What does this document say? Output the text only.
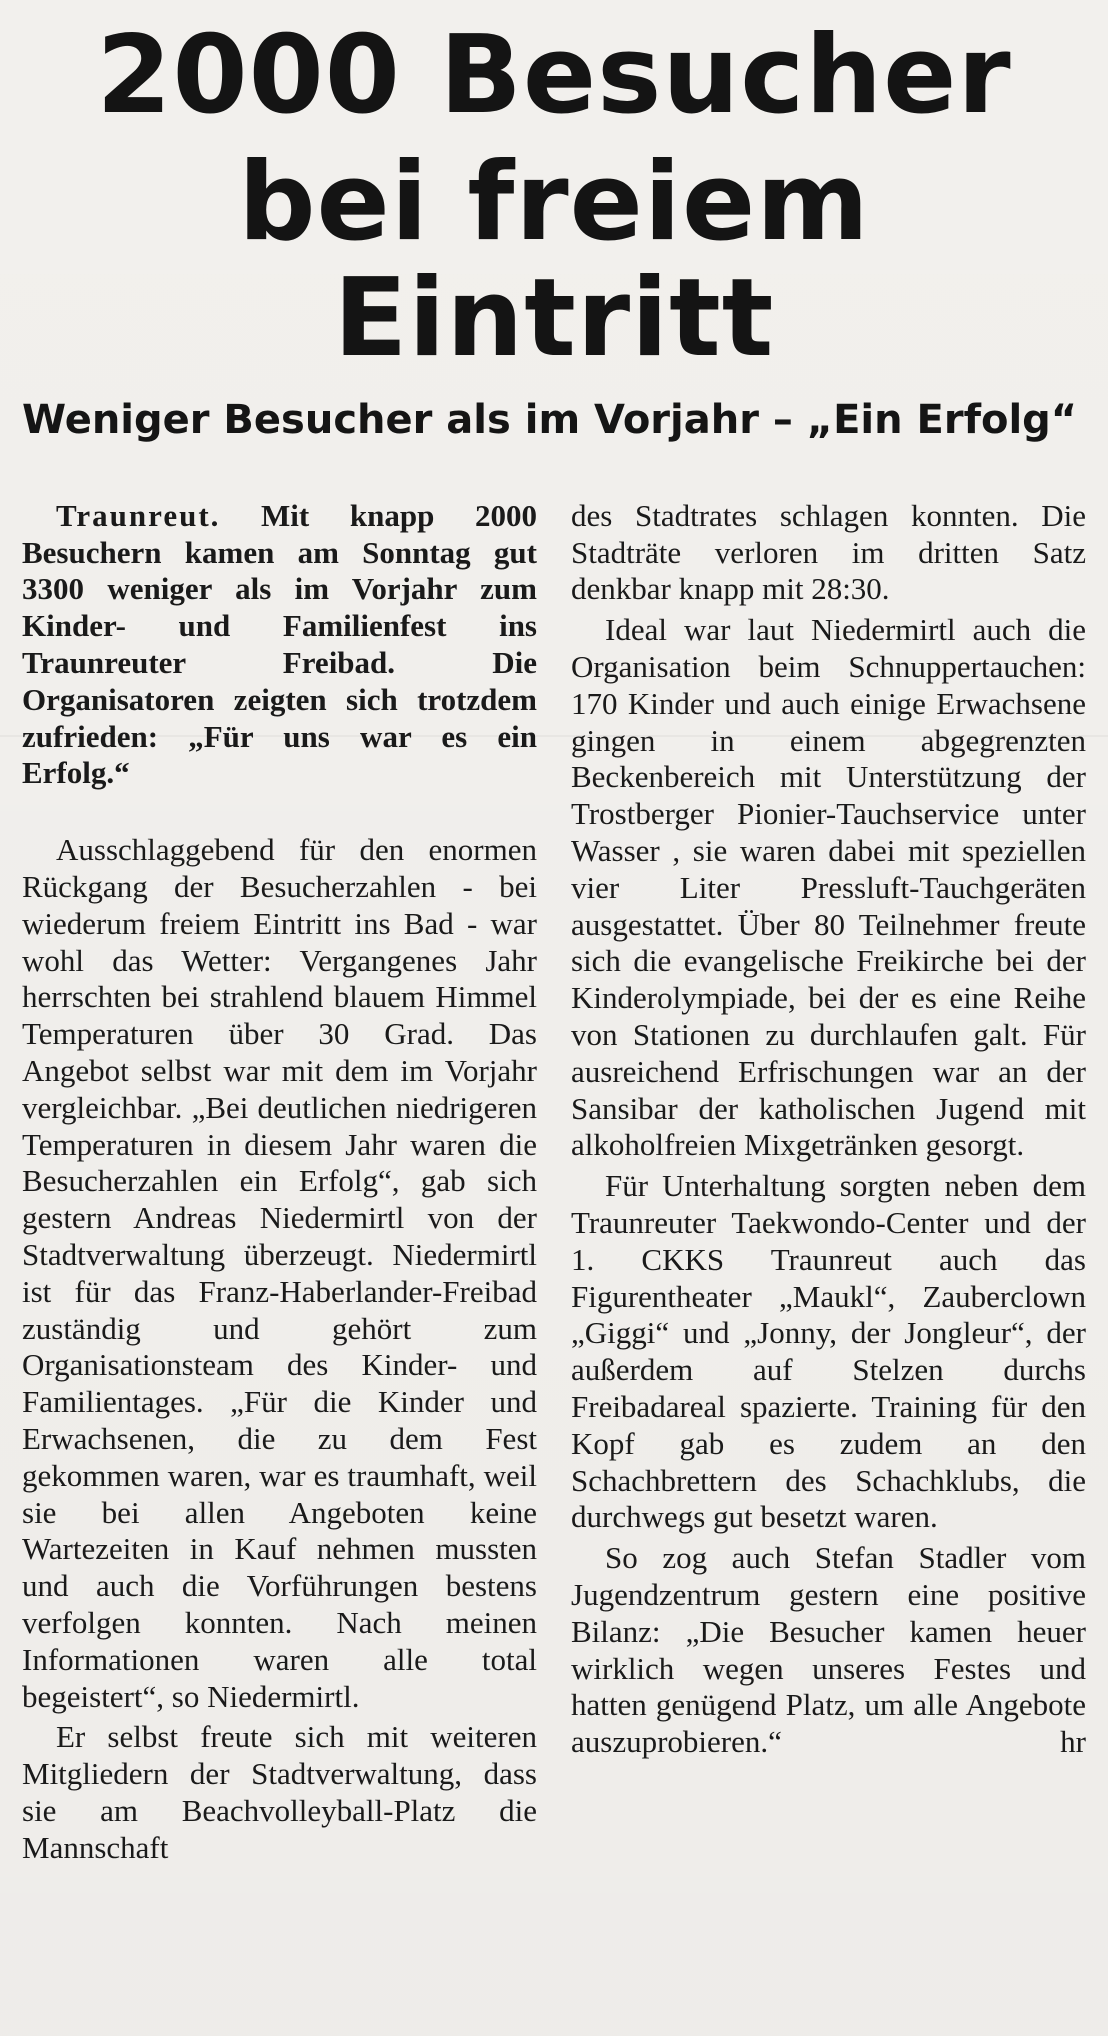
2000 Besucher
bei freiem Eintritt
Weniger Besucher als im Vorjahr – „Ein Erfolg“

Traunreut. Mit knapp 2000 Besuchern kamen am Sonntag gut 3300 weniger als im Vorjahr zum Kinder- und Familienfest ins Traunreuter Freibad. Die Organisatoren zeigten sich trotzdem zufrieden: „Für uns war es ein Erfolg.“

Ausschlaggebend für den enormen Rückgang der Besucherzahlen - bei wiederum freiem Eintritt ins Bad - war wohl das Wetter: Vergangenes Jahr herrschten bei strahlend blauem Himmel Temperaturen über 30 Grad. Das Angebot selbst war mit dem im Vorjahr vergleichbar. „Bei deutlichen niedrigeren Temperaturen in diesem Jahr waren die Besucherzahlen ein Erfolg“, gab sich gestern Andreas Niedermirtl von der Stadtverwaltung überzeugt. Niedermirtl ist für das Franz-Haberlander-Freibad zuständig und gehört zum Organisationsteam des Kinder- und Familientages. „Für die Kinder und Erwachsenen, die zu dem Fest gekommen waren, war es traumhaft, weil sie bei allen Angeboten keine Wartezeiten in Kauf nehmen mussten und auch die Vorführungen bestens verfolgen konnten. Nach meinen Informationen waren alle total begeistert“, so Niedermirtl.

Er selbst freute sich mit weiteren Mitgliedern der Stadtverwaltung, dass sie am Beachvolleyball-Platz die Mannschaft

des Stadtrates schlagen konnten. Die Stadträte verloren im dritten Satz denkbar knapp mit 28:30.

Ideal war laut Niedermirtl auch die Organisation beim Schnuppertauchen: 170 Kinder und auch einige Erwachsene gingen in einem abgegrenzten Beckenbereich mit Unterstützung der Trostberger Pionier-Tauchservice unter Wasser , sie waren dabei mit speziellen vier Liter Pressluft-Tauchgeräten ausgestattet. Über 80 Teilnehmer freute sich die evangelische Freikirche bei der Kinderolympiade, bei der es eine Reihe von Stationen zu durchlaufen galt. Für ausreichend Erfrischungen war an der Sansibar der katholischen Jugend mit alkoholfreien Mixgetränken gesorgt.

Für Unterhaltung sorgten neben dem Traunreuter Taekwondo-Center und der 1. CKKS Traunreut auch das Figurentheater „Maukl“, Zauberclown „Giggi“ und „Jonny, der Jongleur“, der außerdem auf Stelzen durchs Freibadareal spazierte. Training für den Kopf gab es zudem an den Schachbrettern des Schachklubs, die durchwegs gut besetzt waren.

So zog auch Stefan Stadler vom Jugendzentrum gestern eine positive Bilanz: „Die Besucher kamen heuer wirklich wegen unseres Festes und hatten genügend Platz, um alle Angebote auszuprobieren.“	hr
